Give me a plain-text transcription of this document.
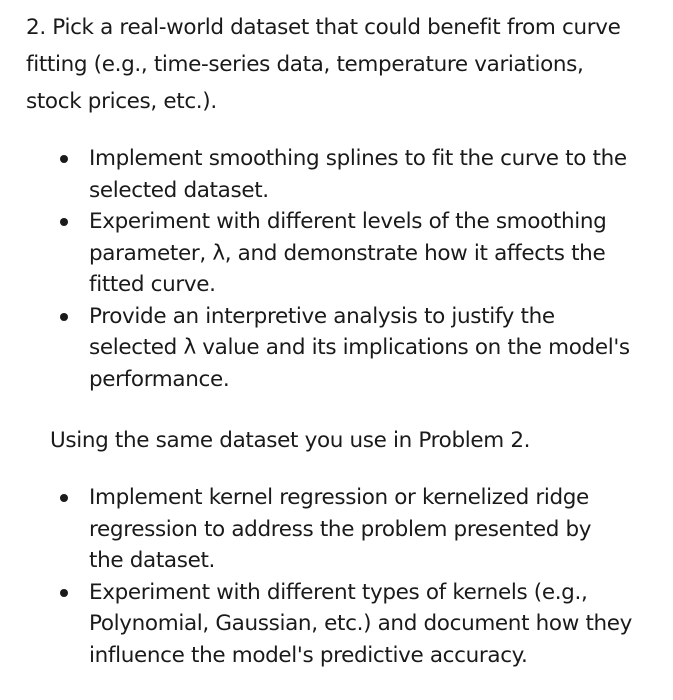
2. Pick a real-world dataset that could benefit from curve
fitting (e.g., time-series data, temperature variations,
stock prices, etc.).

Implement smoothing splines to fit the curve to the
selected dataset.
Experiment with different levels of the smoothing
parameter, λ, and demonstrate how it affects the
fitted curve.
Provide an interpretive analysis to justify the
selected λ value and its implications on the model's
performance.

Using the same dataset you use in Problem 2.

Implement kernel regression or kernelized ridge
regression to address the problem presented by
the dataset.
Experiment with different types of kernels (e.g.,
Polynomial, Gaussian, etc.) and document how they
influence the model's predictive accuracy.
